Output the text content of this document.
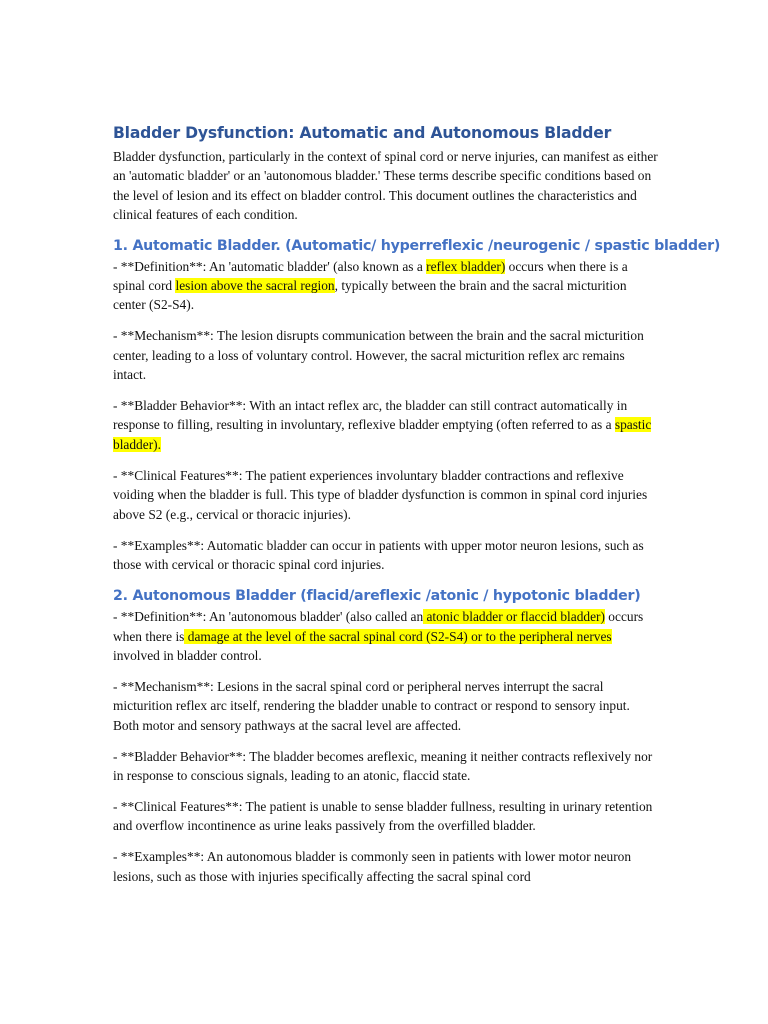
Bladder Dysfunction: Automatic and Autonomous Bladder

Bladder dysfunction, particularly in the context of spinal cord or nerve injuries, can manifest as either an 'automatic bladder' or an 'autonomous bladder.' These terms describe specific conditions based on the level of lesion and its effect on bladder control. This document outlines the characteristics and clinical features of each condition.

1. Automatic Bladder. (Automatic/ hyperreflexic /neurogenic / spastic bladder)

- **Definition**: An 'automatic bladder' (also known as a reflex bladder) occurs when there is a spinal cord lesion above the sacral region, typically between the brain and the sacral micturition center (S2-S4).

- **Mechanism**: The lesion disrupts communication between the brain and the sacral micturition center, leading to a loss of voluntary control. However, the sacral micturition reflex arc remains intact.

- **Bladder Behavior**: With an intact reflex arc, the bladder can still contract automatically in response to filling, resulting in involuntary, reflexive bladder emptying (often referred to as a spastic bladder).

- **Clinical Features**: The patient experiences involuntary bladder contractions and reflexive voiding when the bladder is full. This type of bladder dysfunction is common in spinal cord injuries above S2 (e.g., cervical or thoracic injuries).

- **Examples**: Automatic bladder can occur in patients with upper motor neuron lesions, such as those with cervical or thoracic spinal cord injuries.

2. Autonomous Bladder (flacid/areflexic /atonic / hypotonic bladder)

- **Definition**: An 'autonomous bladder' (also called an atonic bladder or flaccid bladder) occurs when there is damage at the level of the sacral spinal cord (S2-S4) or to the peripheral nerves involved in bladder control.

- **Mechanism**: Lesions in the sacral spinal cord or peripheral nerves interrupt the sacral micturition reflex arc itself, rendering the bladder unable to contract or respond to sensory input. Both motor and sensory pathways at the sacral level are affected.

- **Bladder Behavior**: The bladder becomes areflexic, meaning it neither contracts reflexively nor in response to conscious signals, leading to an atonic, flaccid state.

- **Clinical Features**: The patient is unable to sense bladder fullness, resulting in urinary retention and overflow incontinence as urine leaks passively from the overfilled bladder.

- **Examples**: An autonomous bladder is commonly seen in patients with lower motor neuron lesions, such as those with injuries specifically affecting the sacral spinal cord
